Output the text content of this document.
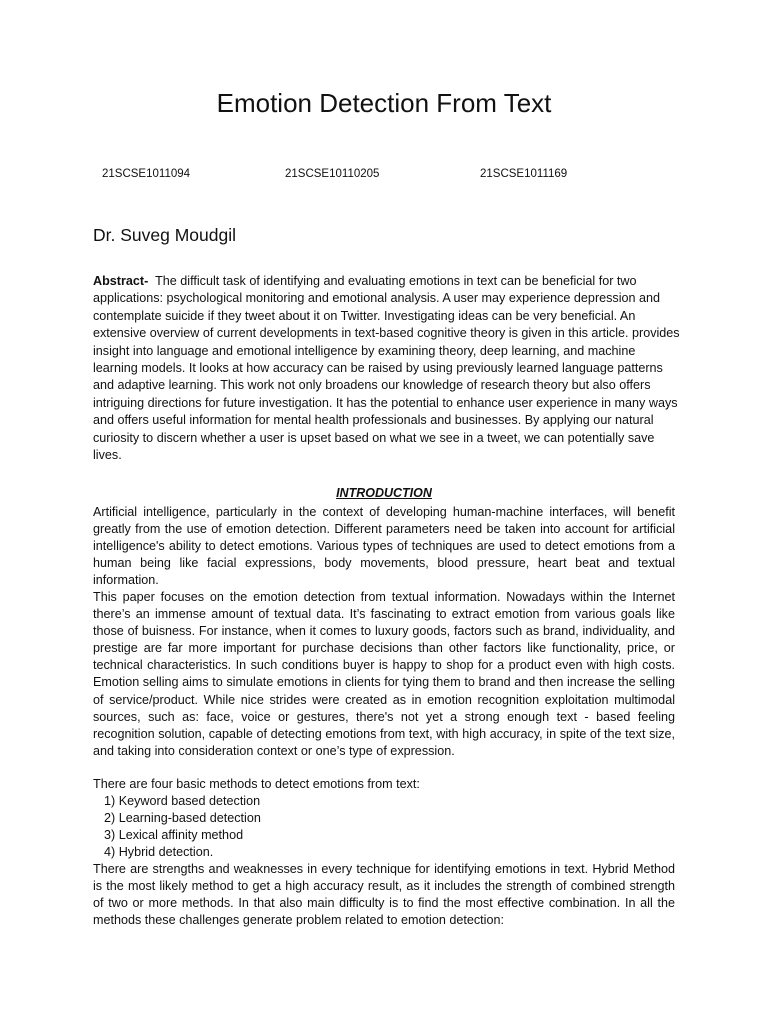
Emotion Detection From Text
21SCSE1011094	21SCSE10110205	21SCSE1011169
Dr. Suveg Moudgil

Abstract- The difficult task of identifying and evaluating emotions in text can be beneficial for two applications: psychological monitoring and emotional analysis. A user may experience depression and contemplate suicide if they tweet about it on Twitter. Investigating ideas can be very beneficial. An extensive overview of current developments in text-based cognitive theory is given in this article. provides insight into language and emotional intelligence by examining theory, deep learning, and machine learning models. It looks at how accuracy can be raised by using previously learned language patterns and adaptive learning. This work not only broadens our knowledge of research theory but also offers intriguing directions for future investigation. It has the potential to enhance user experience in many ways and offers useful information for mental health professionals and businesses. By applying our natural curiosity to discern whether a user is upset based on what we see in a tweet, we can potentially save lives.

INTRODUCTION

Artificial intelligence, particularly in the context of developing human-machine interfaces, will benefit greatly from the use of emotion detection. Different parameters need be taken into account for artificial intelligence's ability to detect emotions. Various types of techniques are used to detect emotions from a human being like facial expressions, body movements, blood pressure, heart beat and textual information.

This paper focuses on the emotion detection from textual information. Nowadays within the Internet there’s an immense amount of textual data. It’s fascinating to extract emotion from various goals like those of buisness. For instance, when it comes to luxury goods, factors such as brand, individuality, and prestige are far more important for purchase decisions than other factors like functionality, price, or technical characteristics. In such conditions buyer is happy to shop for a product even with high costs. Emotion selling aims to simulate emotions in clients for tying them to brand and then increase the selling of service/product. While nice strides were created as in emotion recognition exploitation multimodal sources, such as: face, voice or gestures, there's not yet a strong enough text - based feeling recognition solution, capable of detecting emotions from text, with high accuracy, in spite of the text size, and taking into consideration context or one’s type of expression.

There are four basic methods to detect emotions from text:

1) Keyword based detection
2) Learning-based detection
3) Lexical affinity method
4) Hybrid detection.

There are strengths and weaknesses in every technique for identifying emotions in text. Hybrid Method is the most likely method to get a high accuracy result, as it includes the strength of combined strength of two or more methods. In that also main difficulty is to find the most effective combination. In all the methods these challenges generate problem related to emotion detection:
